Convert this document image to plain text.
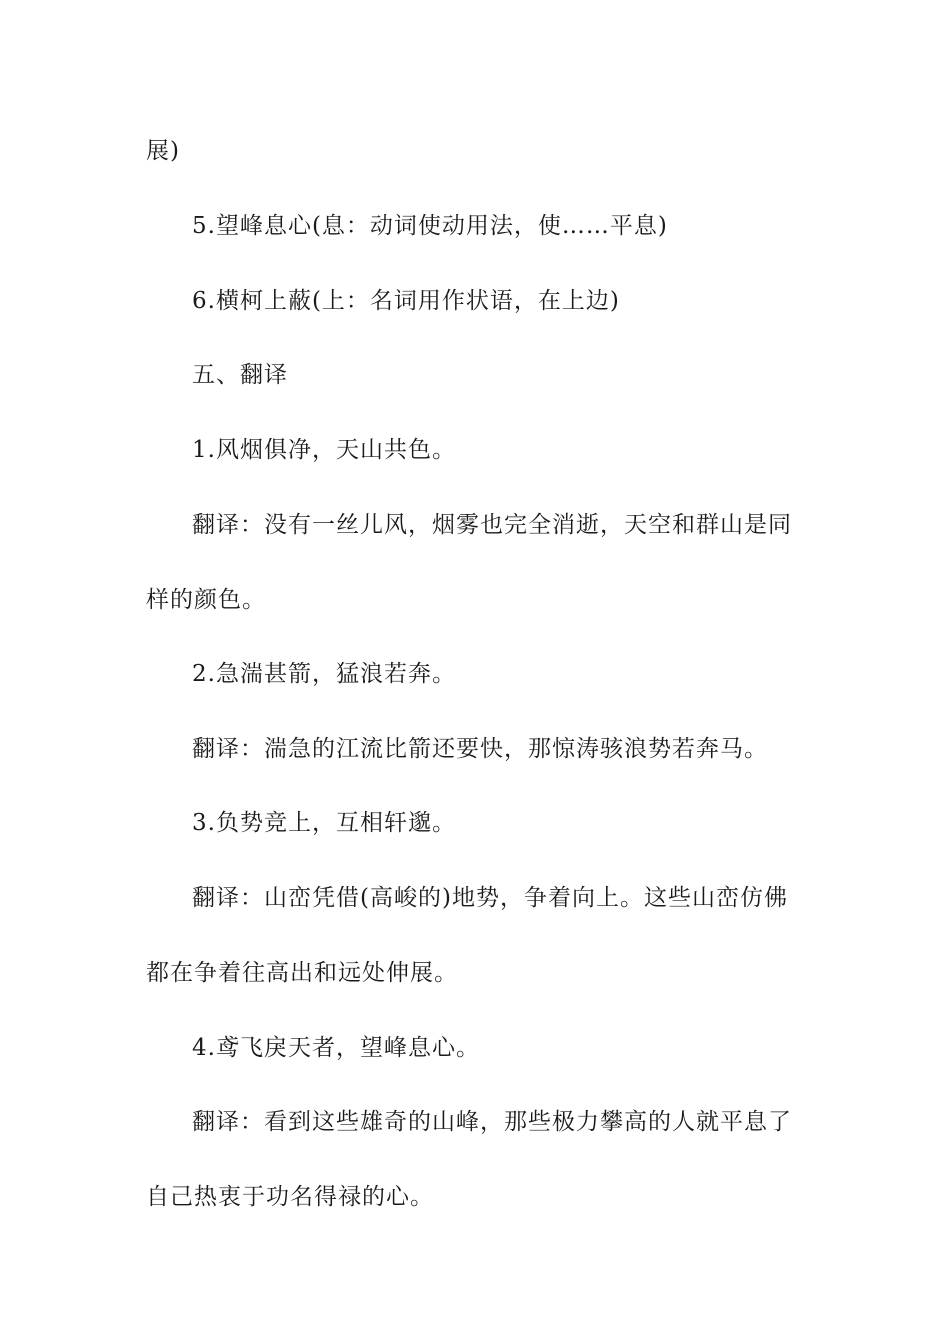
展)
5.望峰息心(息：动词使动用法，使……平息)
6.横柯上蔽(上：名词用作状语，在上边)
五、翻译
1.风烟俱净，天山共色。
翻译：没有一丝儿风，烟雾也完全消逝，天空和群山是同
样的颜色。
2.急湍甚箭，猛浪若奔。
翻译：湍急的江流比箭还要快，那惊涛骇浪势若奔马。
3.负势竞上，互相轩邈。
翻译：山峦凭借(高峻的)地势，争着向上。这些山峦仿佛
都在争着往高出和远处伸展。
4.鸢飞戾天者，望峰息心。
翻译：看到这些雄奇的山峰，那些极力攀高的人就平息了
自己热衷于功名得禄的心。
